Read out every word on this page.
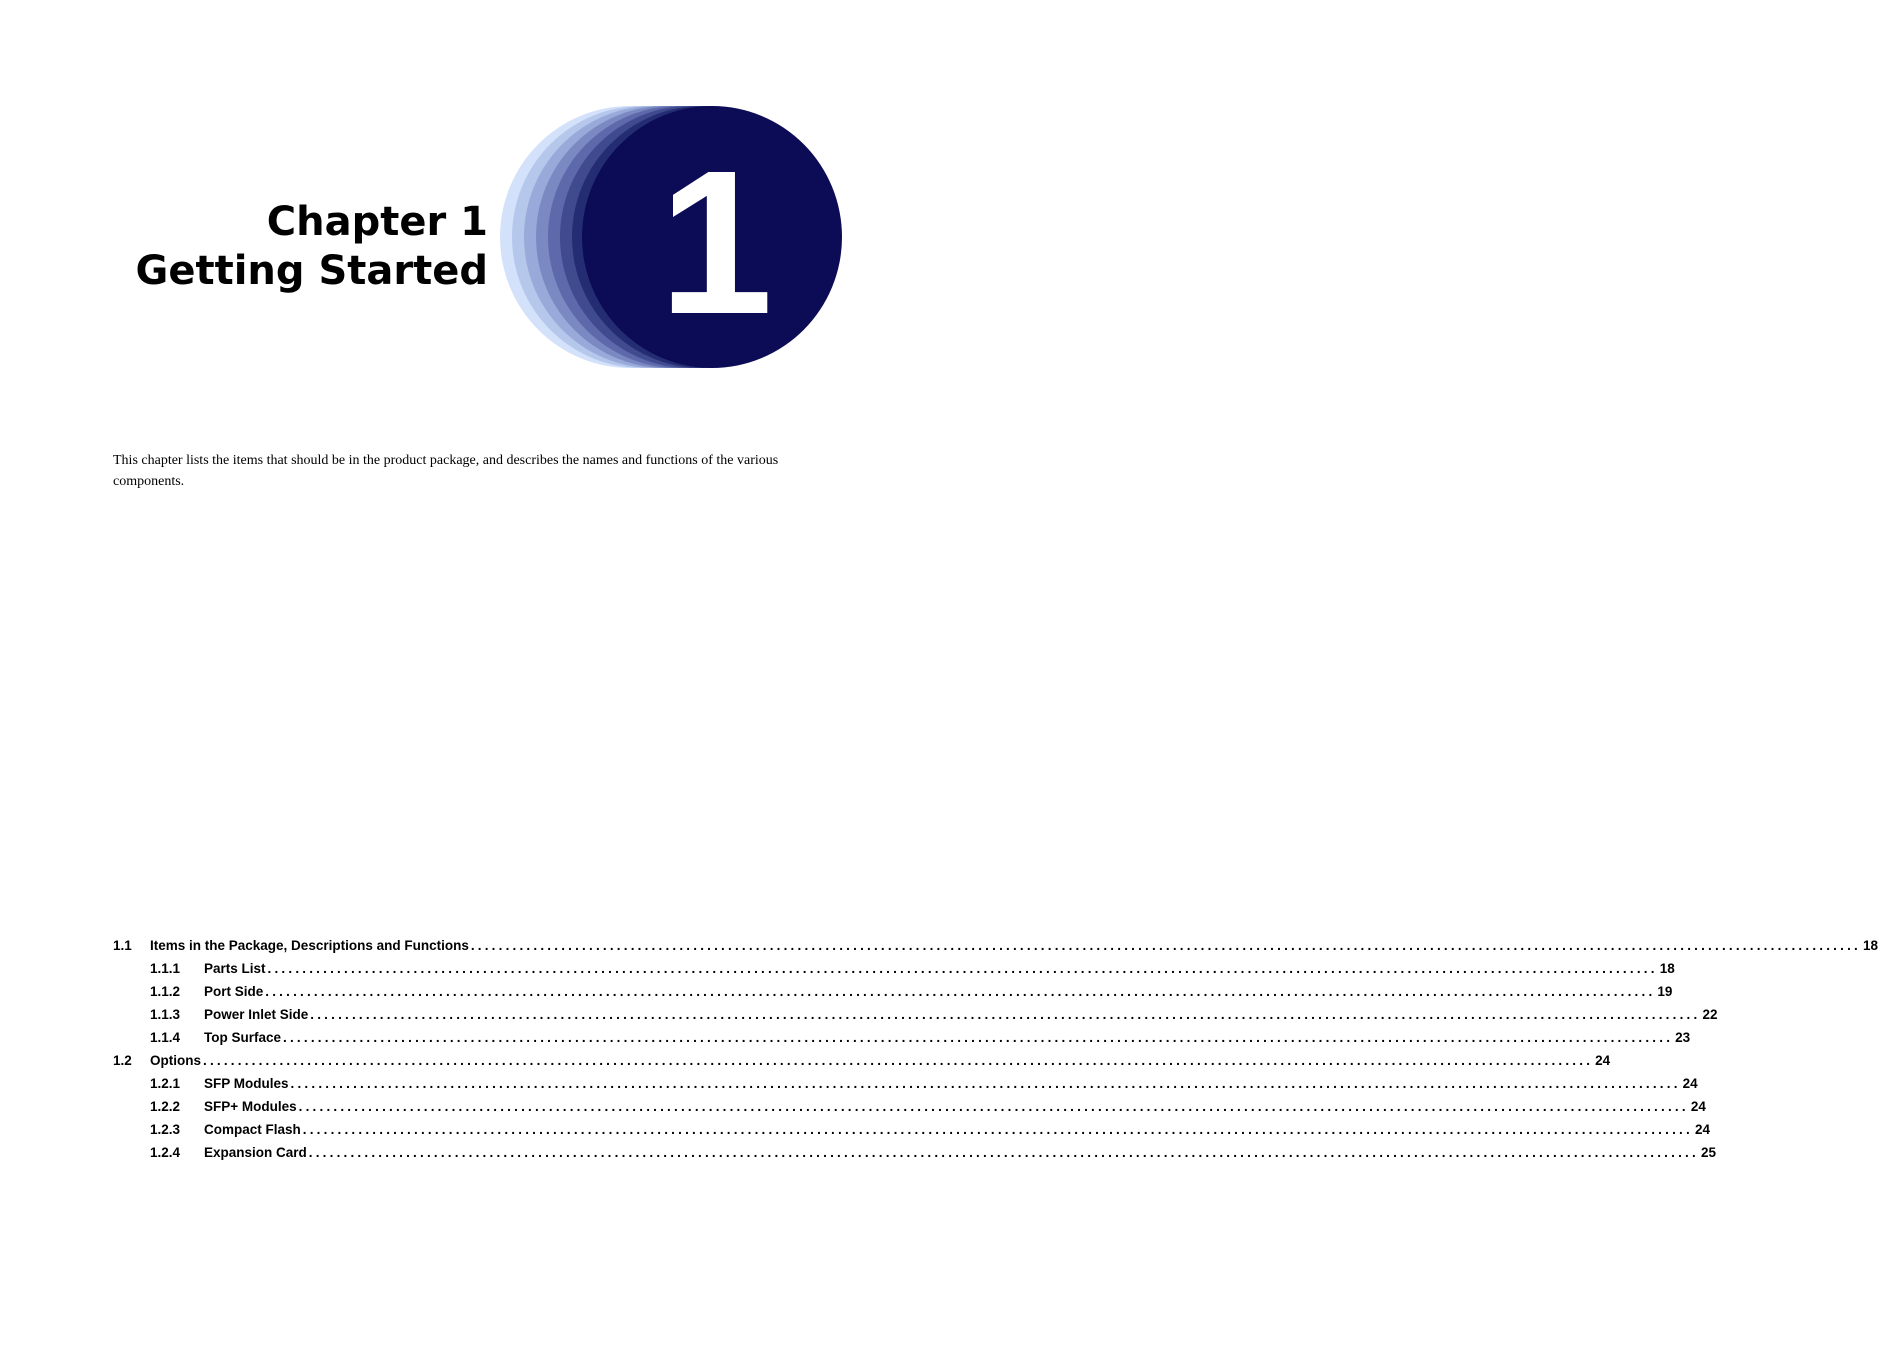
Chapter 1
Getting Started 1

This chapter lists the items that should be in the product package, and describes the names and functions of the various components.

1.1	Items in the Package, Descriptions and Functions ........................................................................................................................................................................................................ 18
1.1.1	Parts List ........................................................................................................................................................................................................ 18
1.1.2	Port Side ........................................................................................................................................................................................................ 19
1.1.3	Power Inlet Side ........................................................................................................................................................................................................ 22
1.1.4	Top Surface ........................................................................................................................................................................................................ 23
1.2	Options ........................................................................................................................................................................................................ 24
1.2.1	SFP Modules ........................................................................................................................................................................................................ 24
1.2.2	SFP+ Modules ........................................................................................................................................................................................................ 24
1.2.3	Compact Flash ........................................................................................................................................................................................................ 24
1.2.4	Expansion Card ........................................................................................................................................................................................................ 25
